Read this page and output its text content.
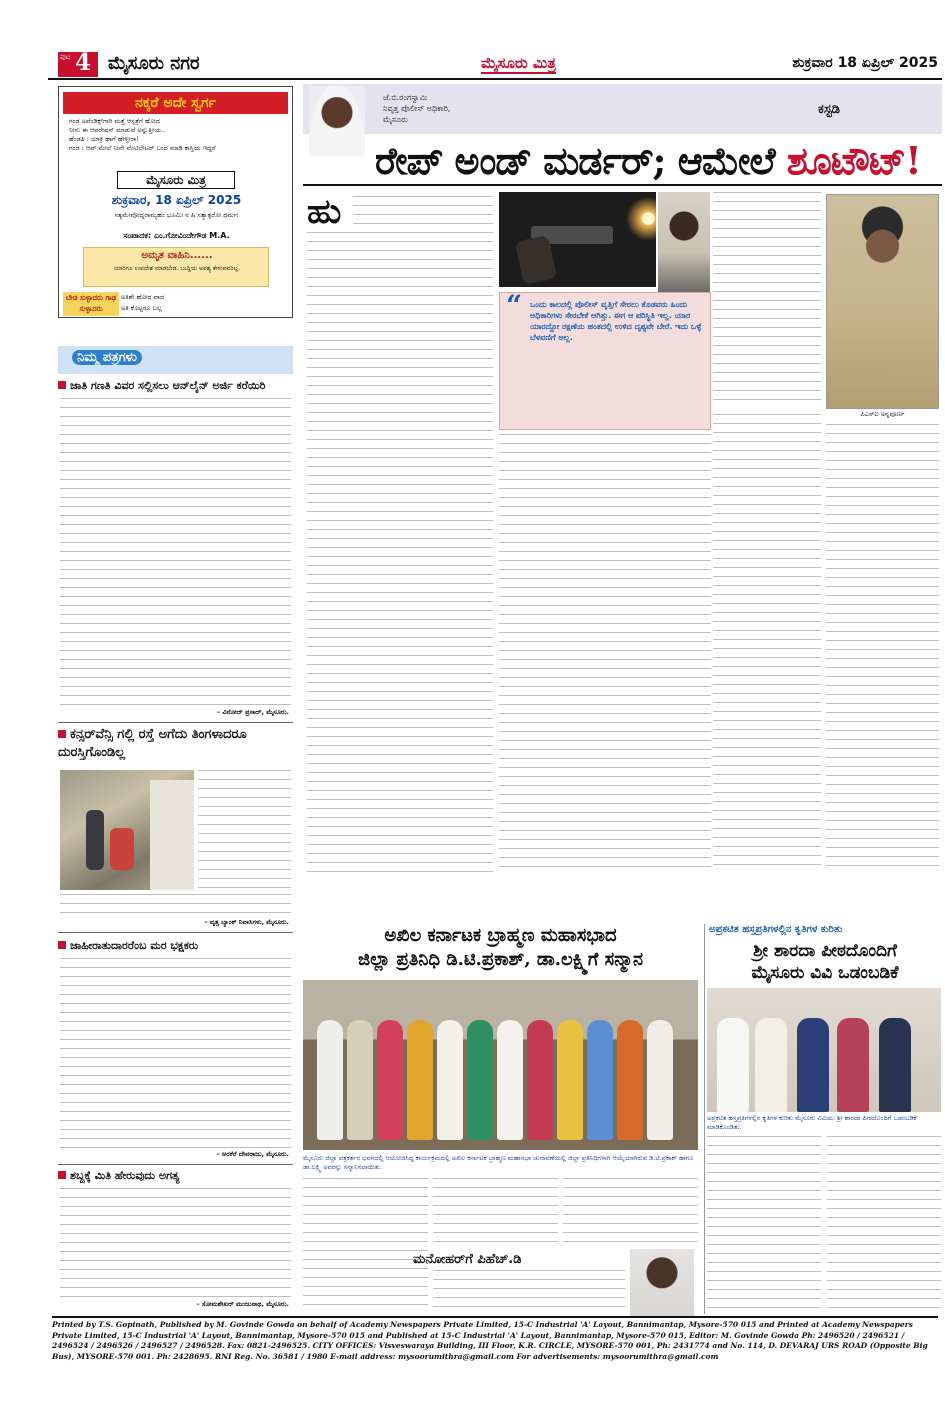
ಪುಟ 4 ಮೈಸೂರು ನಗರ	ಮೈಸೂರು ಮಿತ್ರ	ಶುಕ್ರವಾರ 18 ಏಪ್ರಿಲ್ 2025
ನಕ್ಕರೆ ಅದೇ ಸ್ವರ್ಗ
ಗಂಡ ಅಪೆಂಡಿಕ್ಸ್‌ಗಾಗಿ ಮತ್ತೆ ಆಸ್ಪತ್ರೆಗೆ ಹೋದ
ನೀನು ಈ ಆಪರೇಷನ್ ಮಾಡುವೆ ಅನ್ನುತ್ತೀಯ..
ಹೆಂಡತಿ : ಯಾಕ್ರಿ ಹಾಗೆ ಹೇಳ್ತೀರಾ!
ಗಂಡ : ಆಪ್ ಮೇಲೆ ನೀನೇ ವೆಂಟಿಲೇಟರ್ ಬಂದ ಮಾಡಿ ಕಾಸ್ತಿಯ ಇದ್ದರೆ
ಮೈಸೂರು ಮಿತ್ರ
ಶುಕ್ರವಾರ, 18 ಏಪ್ರಿಲ್ 2025
ಸತ್ಯಮೇವೋದ್ಧರಾಮ್ಯಹಂ ಭೂಮಿಃ ನ ಹಿ ಸತ್ಯಾತ್ಪರೋ ಧರ್ಮಃ
ಸಂಪಾದಕ: ಎಂ.ಗೋವಿಂದೇಗೌಡ M.A.
ಅಮೃತ ವಾಹಿನಿ......
ಯಾರಿಗೂ ಉಪದೇಶ ಮಾಡಬೇಡ. ಬುದ್ಧಿಯ ಅವಶ್ಯ ಕೇಳುವವರಿಲ್ಲ.
ಬೇಡ ಸುಳ್ಳಾದರು ಗಾಢ ಸುಳ್ಳಾದರು
ಅತಿಶೇ ಹೋದ ವಾದ
ಅತಿ ಕೊಟ್ಟರೂ ಬಲ್ಲ
ನಿಮ್ಮ ಪತ್ರಗಳು
ಜಾತಿ ಗಣತಿ ವಿವರ ಸಲ್ಲಿಸಲು ಆನ್‌ಲೈನ್ ಅರ್ಜಿ ಕರೆಯಿರಿ
– ವಿನೋದ್ ಪ್ರಸಾದ್, ಮೈಸೂರು.
ಕನ್ಸರ್‌ವೆನ್ಸಿ ಗಲ್ಲಿ ರಸ್ತೆ ಅಗೆದು ತಿಂಗಳಾದರೂ ದುರಸ್ತಿಗೊಂಡಿಲ್ಲ
– ವೃತ್ತ ಬ್ಯಾಂಕ್ ನಿವಾಸಿಗಳು, ಮೈಸೂರು.
ಜಾಹೀರಾತುದಾರರೆಂಬ ಮರ ಭಕ್ಷಕರು
– ಅರಕೆರೆ ದೇವರಾಜು, ಮೈಸೂರು.
ಶಬ್ದಕ್ಕೆ ಮಿತಿ ಹೇರುವುದು ಅಗತ್ಯ
– ಸೋಮಶೇಖರ್ ಮಂಜುನಾಥ, ಮೈಸೂರು.
ಜೆ.ಬಿ.ರಂಗಸ್ವಾಮಿ
ನಿವೃತ್ತ ಪೊಲೀಸ್ ಅಧಿಕಾರಿ,
ಮೈಸೂರು
ಕಸ್ಟಡಿ
ರೇಪ್ ಅಂಡ್ ಮರ್ಡರ್; ಆಮೇಲೆ ಶೂಟೌಟ್!
ಹು
ಪಿಎಸ್‌ಐ ಅನ್ನಪೂರ್ಣ
“ ಒಂದು ಕಾಲದಲ್ಲಿ ಪೊಲೀಸ್ ವೃತ್ತಿಗೆ ಸೇರಲು ಕೊಡವರು ಹಿಂದು ಅಧಿಕಾರಿಗಳು ಸೇರಬೇಕೆ ಆಗಿತ್ತು. ಈಗ ಆ ಪರಿಸ್ಥಿತಿ ಇಲ್ಲ. ಯಾರ ಯಾರದ್ದೋ ರಕ್ಷಣೆಯ ಹಂತದಲ್ಲಿ ಉಳಿದ ದೃಶ್ಯವೇ ಬೇರೆ. ಇದು ಒಳ್ಳೆ ಬೆಳವಣಿಗೆ ಅಲ್ಲ.
ಅಖಿಲ ಕರ್ನಾಟಕ ಬ್ರಾಹ್ಮಣ ಮಹಾಸಭಾದ
ಜಿಲ್ಲಾ ಪ್ರತಿನಿಧಿ ಡಿ.ಟಿ.ಪ್ರಕಾಶ್, ಡಾ.ಲಕ್ಷ್ಮಿಗೆ ಸನ್ಮಾನ
ಮೈಸೂರು ಜಿಲ್ಲಾ ಪತ್ರಕರ್ತರ ಭವನದಲ್ಲಿ ಆಯೋಜಿಸಿದ್ದ ಕಾರ್ಯಕ್ರಮದಲ್ಲಿ ಅಖಿಲ ಕರ್ನಾಟಕ ಬ್ರಾಹ್ಮಣ ಮಹಾಸಭಾ ಚುನಾವಣೆಯಲ್ಲಿ ಜಿಲ್ಲಾ ಪ್ರತಿನಿಧಿಗಳಾಗಿ ಆಯ್ಕೆಯಾಗಿರುವ ಡಿ.ಟಿ.ಪ್ರಕಾಶ್ ಹಾಗೂ ಡಾ.ಲಕ್ಷ್ಮಿ ಅವರನ್ನು ಸನ್ಮಾನಿಸಲಾಯಿತು.
ಮನೋಹರ್‌ಗೆ ಪಿಹೆಚ್.ಡಿ
ಅಪ್ರಕಟಿತ ಹಸ್ತಪ್ರತಿಗಳಲ್ಲಿನ ಕೃತಿಗಳ ಕುರಿತು
ಶ್ರೀ ಶಾರದಾ ಪೀಠದೊಂದಿಗೆ
ಮೈಸೂರು ವಿವಿ ಒಡಂಬಡಿಕೆ
ಅಪ್ರಕಟಿತ ಹಸ್ತಪ್ರತಿಗಳಲ್ಲಿನ ಕೃತಿಗಳ ಕುರಿತು ಮೈಸೂರು ವಿವಿಯು ಶ್ರೀ ಶಾರದಾ ಪೀಠದೊಂದಿಗೆ ಒಡಂಬಡಿಕೆ ಮಾಡಿಕೊಂಡಿತು.
Printed by T.S. Gopinath, Published by M. Govinde Gowda on behalf of Academy Newspapers Private Limited, 15-C Industrial 'A' Layout, Bannimantap, Mysore-570 015 and Printed at Academy Newspapers Private Limited, 15-C Industrial 'A' Layout, Bannimantap, Mysore-570 015 and Published at 15-C Industrial 'A' Layout, Bannimantap, Mysore-570 015, Editor: M. Govinde Gowda Ph: 2496520 / 2496521 / 2496524 / 2496526 / 2496527 / 2496528. Fax: 0821-2496525. CITY OFFICES: Visveswaraya Building, III Floor, K.R. CIRCLE, MYSORE-570 001, Ph: 2431774 and No. 114, D. DEVARAJ URS ROAD (Opposite Big Bus), MYSORE-570 001. Ph: 2428695. RNI Reg. No. 36581 / 1980 E-mail address: mysoorumithra@gmail.com For advertisements: mysoorumithra@gmail.com
